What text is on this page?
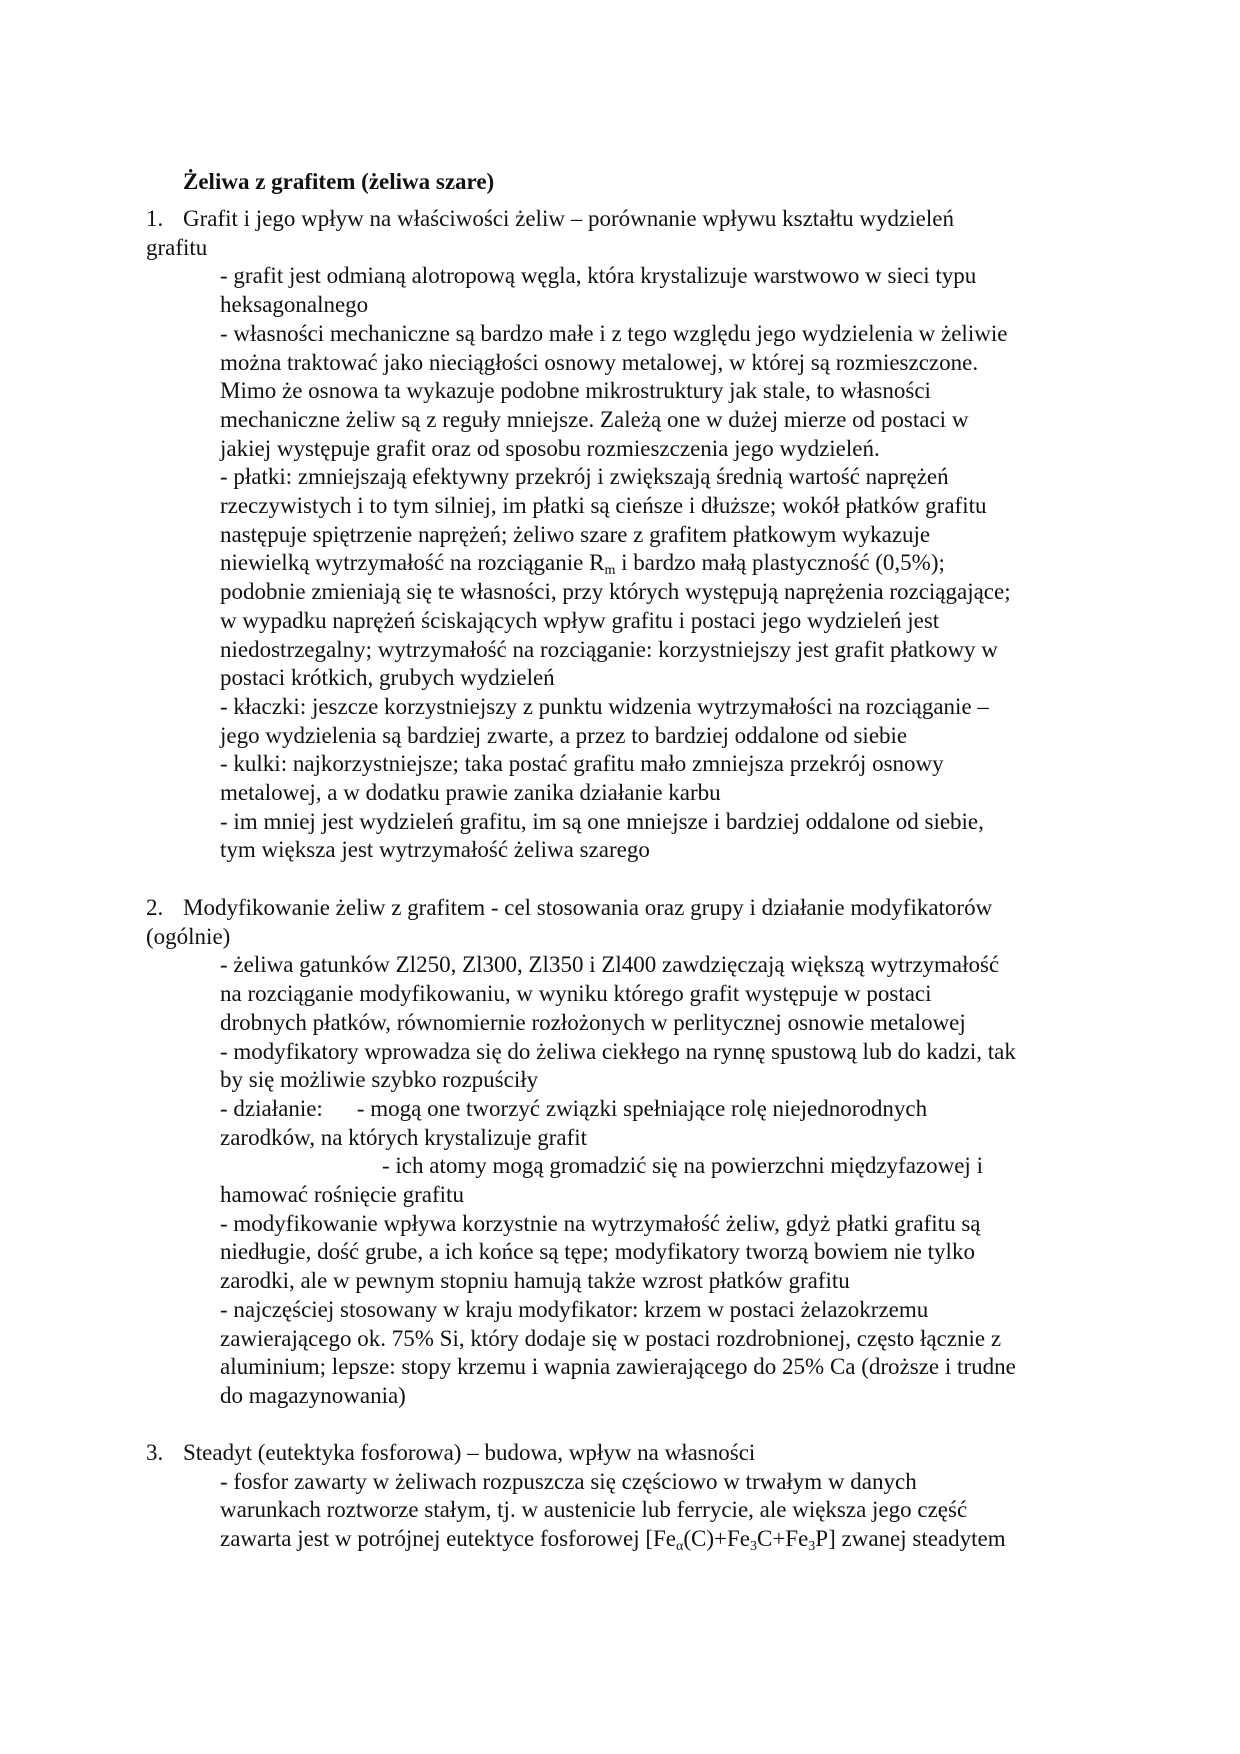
Żeliwa z grafitem (żeliwa szare)
1. Grafit i jego wpływ na właściwości żeliw – porównanie wpływu kształtu wydzieleń
grafitu
- grafit jest odmianą alotropową węgla, która krystalizuje warstwowo w sieci typu
heksagonalnego
- własności mechaniczne są bardzo małe i z tego względu jego wydzielenia w żeliwie
można traktować jako nieciągłości osnowy metalowej, w której są rozmieszczone.
Mimo że osnowa ta wykazuje podobne mikrostruktury jak stale, to własności
mechaniczne żeliw są z reguły mniejsze. Zależą one w dużej mierze od postaci w
jakiej występuje grafit oraz od sposobu rozmieszczenia jego wydzieleń.
- płatki: zmniejszają efektywny przekrój i zwiększają średnią wartość naprężeń
rzeczywistych i to tym silniej, im płatki są cieńsze i dłuższe; wokół płatków grafitu
następuje spiętrzenie naprężeń; żeliwo szare z grafitem płatkowym wykazuje
niewielką wytrzymałość na rozciąganie $R_m$ i bardzo małą plastyczność (0,5%);
podobnie zmieniają się te własności, przy których występują naprężenia rozciągające;
w wypadku naprężeń ściskających wpływ grafitu i postaci jego wydzieleń jest
niedostrzegalny; wytrzymałość na rozciąganie: korzystniejszy jest grafit płatkowy w
postaci krótkich, grubych wydzieleń
- kłaczki: jeszcze korzystniejszy z punktu widzenia wytrzymałości na rozciąganie –
jego wydzielenia są bardziej zwarte, a przez to bardziej oddalone od siebie
- kulki: najkorzystniejsze; taka postać grafitu mało zmniejsza przekrój osnowy
metalowej, a w dodatku prawie zanika działanie karbu
- im mniej jest wydzieleń grafitu, im są one mniejsze i bardziej oddalone od siebie,
tym większa jest wytrzymałość żeliwa szarego
2. Modyfikowanie żeliw z grafitem - cel stosowania oraz grupy i działanie modyfikatorów
(ogólnie)
- żeliwa gatunków Zl250, Zl300, Zl350 i Zl400 zawdzięczają większą wytrzymałość
na rozciąganie modyfikowaniu, w wyniku którego grafit występuje w postaci
drobnych płatków, równomiernie rozłożonych w perlitycznej osnowie metalowej
- modyfikatory wprowadza się do żeliwa ciekłego na rynnę spustową lub do kadzi, tak
by się możliwie szybko rozpuściły
- działanie: - mogą one tworzyć związki spełniające rolę niejednorodnych
zarodków, na których krystalizuje grafit
- ich atomy mogą gromadzić się na powierzchni międzyfazowej i
hamować rośnięcie grafitu
- modyfikowanie wpływa korzystnie na wytrzymałość żeliw, gdyż płatki grafitu są
niedługie, dość grube, a ich końce są tępe; modyfikatory tworzą bowiem nie tylko
zarodki, ale w pewnym stopniu hamują także wzrost płatków grafitu
- najczęściej stosowany w kraju modyfikator: krzem w postaci żelazokrzemu
zawierającego ok. 75% Si, który dodaje się w postaci rozdrobnionej, często łącznie z
aluminium; lepsze: stopy krzemu i wapnia zawierającego do 25% Ca (droższe i trudne
do magazynowania)
3. Steadyt (eutektyka fosforowa) – budowa, wpływ na własności
- fosfor zawarty w żeliwach rozpuszcza się częściowo w trwałym w danych
warunkach roztworze stałym, tj. w austenicie lub ferrycie, ale większa jego część
zawarta jest w potrójnej eutektyce fosforowej $[Fe_\alpha(C)+Fe_3C+Fe_3P]$ zwanej steadytem
